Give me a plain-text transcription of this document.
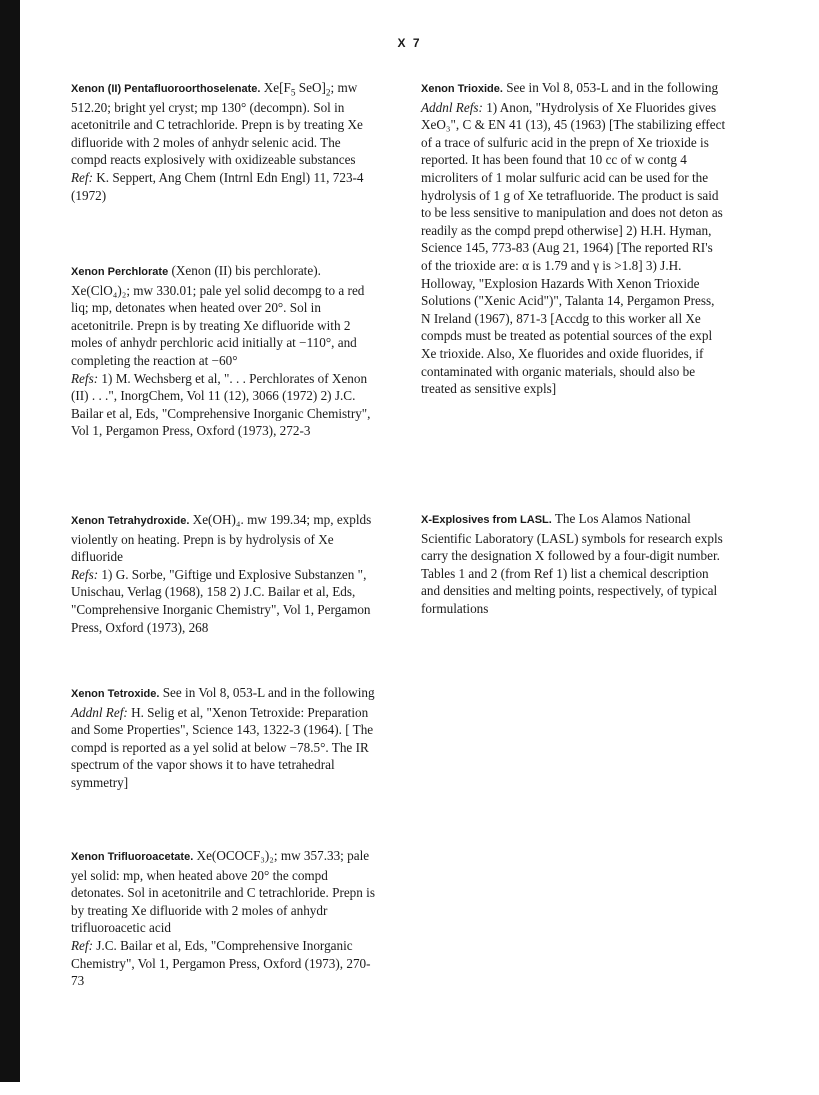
X 7

Xenon (II) Pentafluoroorthoselenate. $Xe[F_5$ $SeO]_2$; mw 512.20; bright yel cryst; mp 130° (decompn). Sol in acetonitrile and C tetrachloride. Prepn is by treating Xe difluoride with 2 moles of anhydr selenic acid. The compd reacts explosively with oxidizeable substances

Ref: K. Seppert, Ang Chem (Intrnl Edn Engl) 11, 723-4 (1972)

Xenon Perchlorate (Xenon (II) bis perchlorate). Xe(ClO₄)₂; mw 330.01; pale yel solid decompg to a red liq; mp, detonates when heated over 20°. Sol in acetonitrile. Prepn is by treating Xe difluoride with 2 moles of anhydr perchloric acid initially at −110°, and completing the reaction at −60°

Refs: 1) M. Wechsberg et al, ". . . Perchlorates of Xenon (II) . . .", InorgChem, Vol 11 (12), 3066 (1972) 2) J.C. Bailar et al, Eds, "Comprehensive Inorganic Chemistry", Vol 1, Pergamon Press, Oxford (1973), 272-3

Xenon Tetrahydroxide. Xe(OH)₄. mw 199.34; mp, explds violently on heating. Prepn is by hydrolysis of Xe difluoride

Refs: 1) G. Sorbe, "Giftige und Explosive Substanzen ", Unischau, Verlag (1968), 158 2) J.C. Bailar et al, Eds, "Comprehensive Inorganic Chemistry", Vol 1, Pergamon Press, Oxford (1973), 268

Xenon Tetroxide. See in Vol 8, 053-L and in the following Addnl Ref: H. Selig et al, "Xenon Tetroxide: Preparation and Some Properties", Science 143, 1322-3 (1964). [ The compd is reported as a yel solid at below −78.5°. The IR spectrum of the vapor shows it to have tetrahedral symmetry]

Xenon Trifluoroacetate. Xe(OCOCF₃)₂; mw 357.33; pale yel solid: mp, when heated above 20° the compd detonates. Sol in acetonitrile and C tetrachloride. Prepn is by treating Xe difluoride with 2 moles of anhydr trifluoroacetic acid

Ref: J.C. Bailar et al, Eds, "Comprehensive Inorganic Chemistry", Vol 1, Pergamon Press, Oxford (1973), 270-73

Xenon Trioxide. See in Vol 8, 053-L and in the following Addnl Refs: 1) Anon, "Hydrolysis of Xe Fluorides gives XeO₃", C & EN 41 (13), 45 (1963) [The stabilizing effect of a trace of sulfuric acid in the prepn of Xe trioxide is reported. It has been found that 10 cc of w contg 4 microliters of 1 molar sulfuric acid can be used for the hydrolysis of 1 g of Xe tetrafluoride. The product is said to be less sensitive to manipulation and does not deton as readily as the compd prepd otherwise] 2) H.H. Hyman, Science 145, 773-83 (Aug 21, 1964) [The reported RI's of the trioxide are: α is 1.79 and γ is >1.8] 3) J.H. Holloway, "Explosion Hazards With Xenon Trioxide Solutions ("Xenic Acid")", Talanta 14, Pergamon Press, N Ireland (1967), 871-3 [Accdg to this worker all Xe compds must be treated as potential sources of the expl Xe trioxide. Also, Xe fluorides and oxide fluorides, if contaminated with organic materials, should also be treated as sensitive expls]

X-Explosives from LASL. The Los Alamos National Scientific Laboratory (LASL) symbols for research expls carry the designation X followed by a four-digit number. Tables 1 and 2 (from Ref 1) list a chemical description and densities and melting points, respectively, of typical formulations
